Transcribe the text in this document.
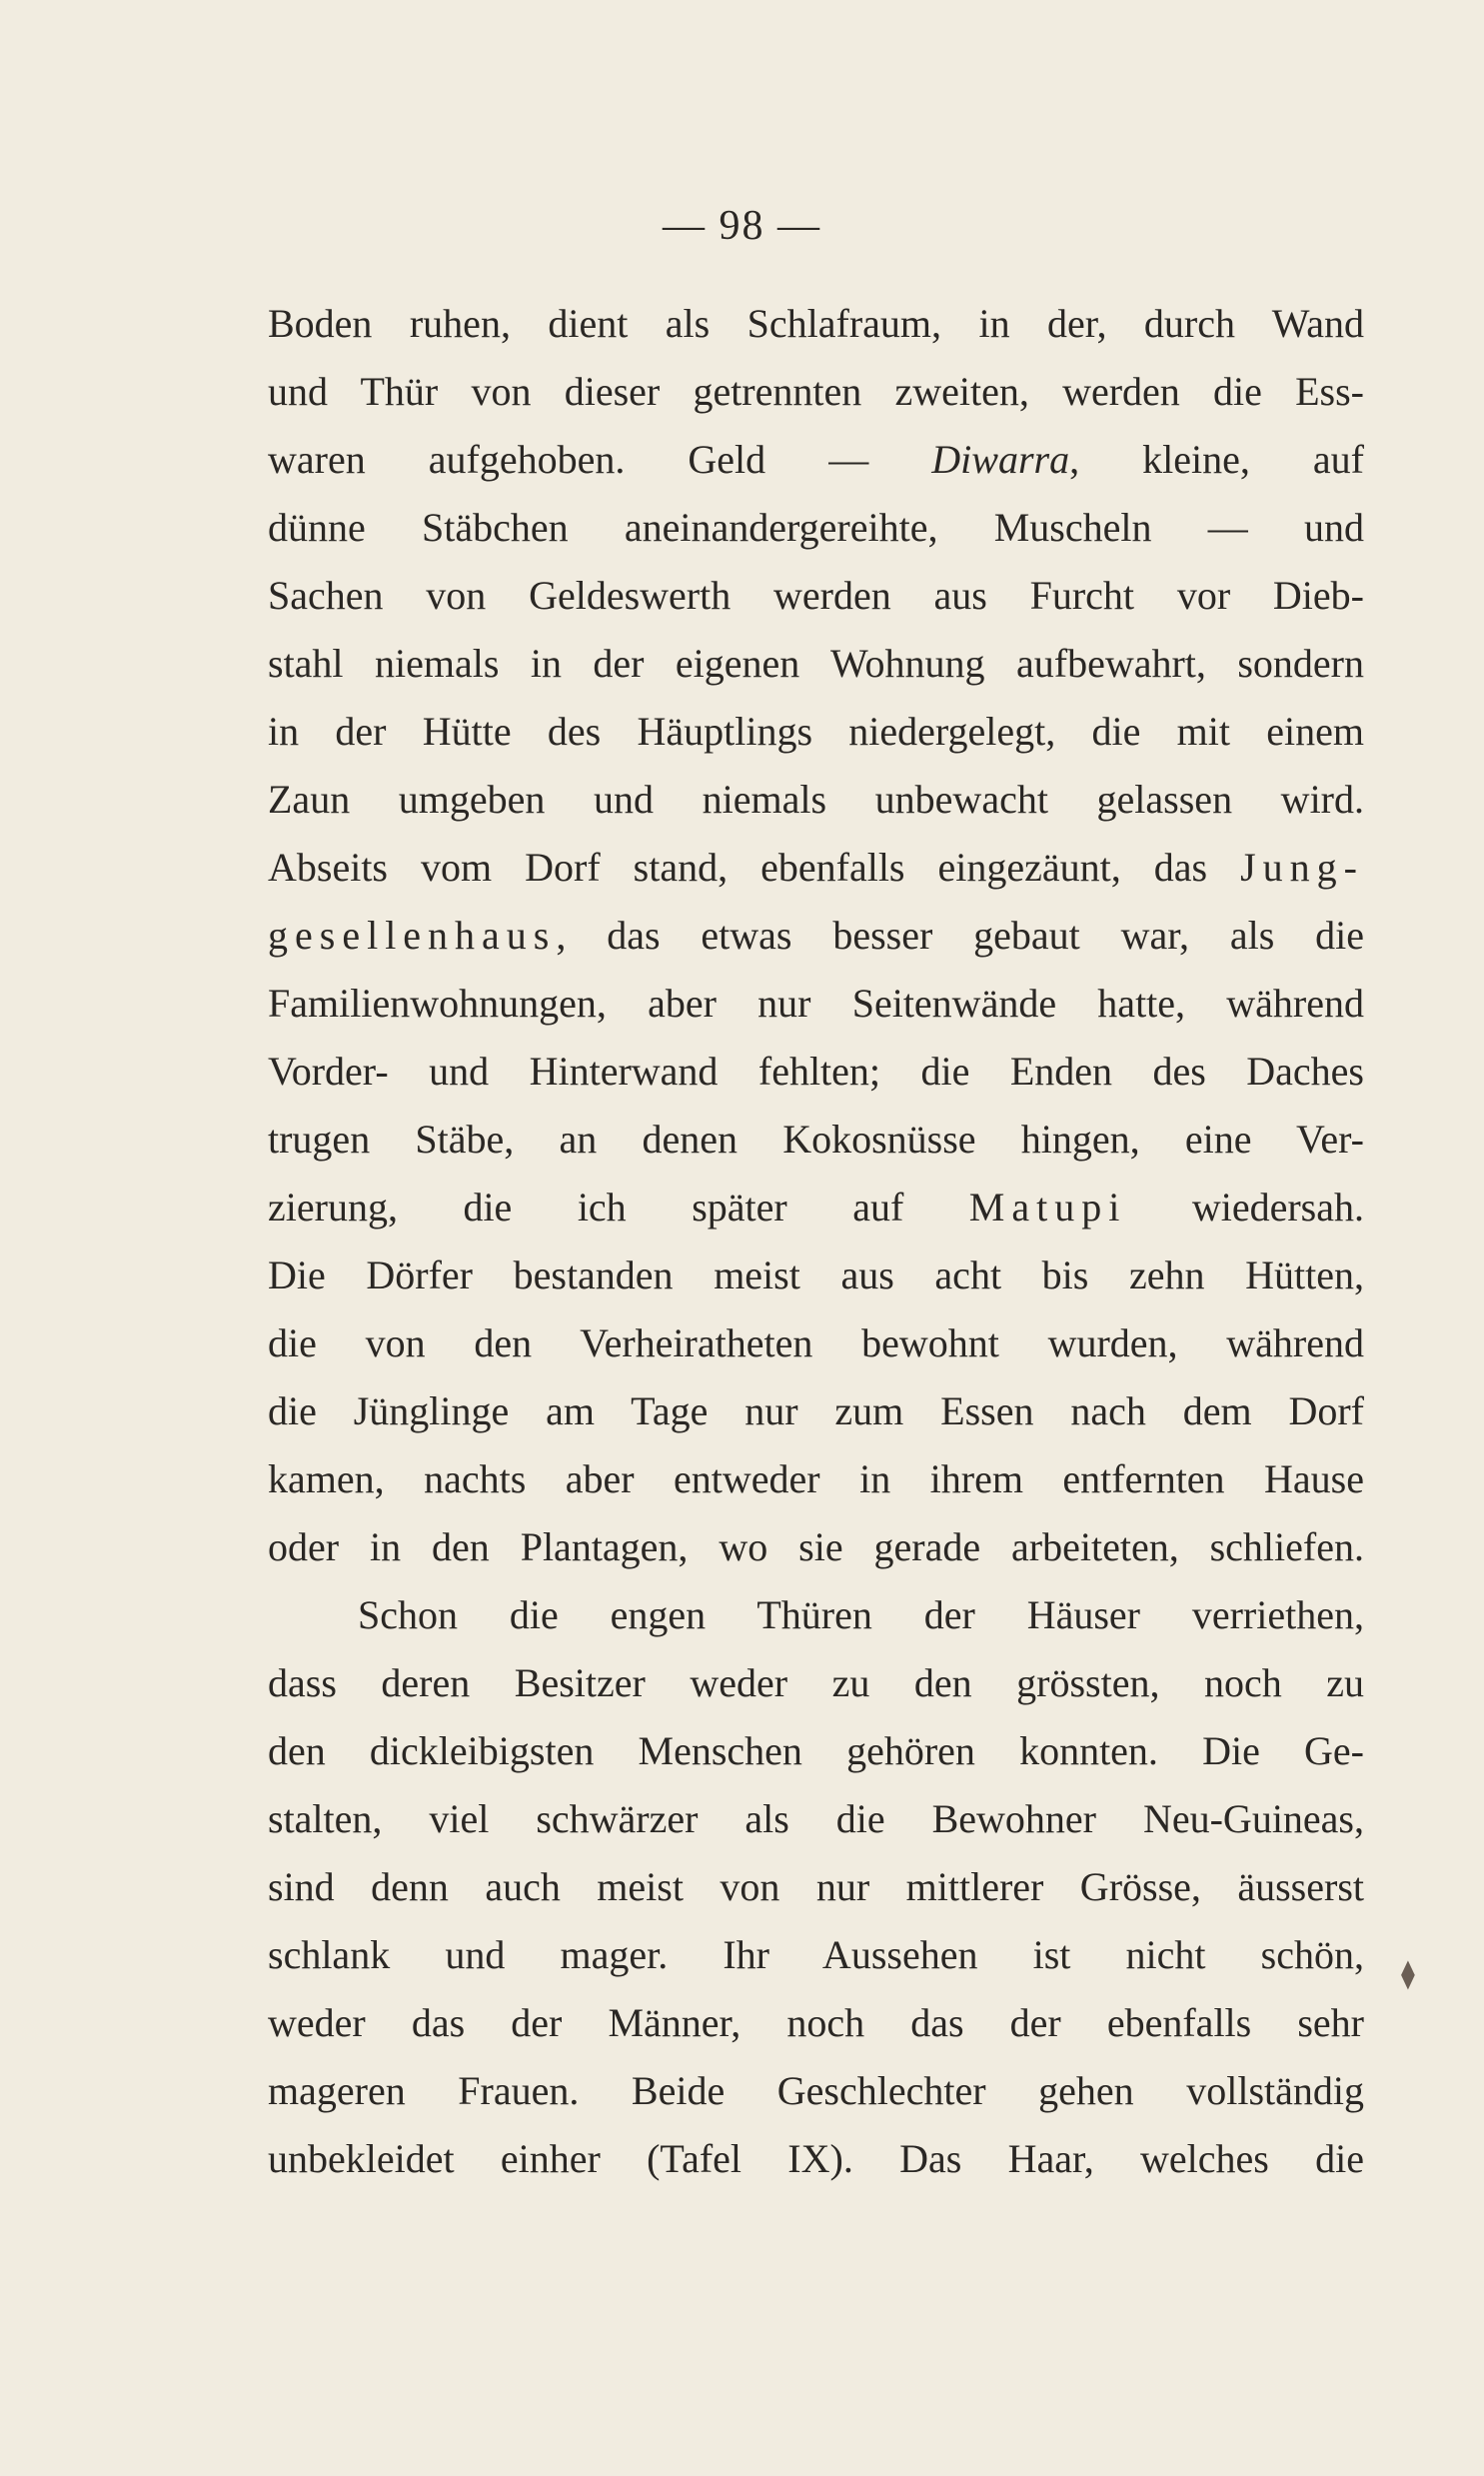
— 98 —
Boden ruhen, dient als Schlafraum, in der, durch Wand
und Thür von dieser getrennten zweiten, werden die Ess-
waren aufgehoben. Geld — Diwarra, kleine, auf
dünne Stäbchen aneinandergereihte, Muscheln — und
Sachen von Geldeswerth werden aus Furcht vor Dieb-
stahl niemals in der eigenen Wohnung aufbewahrt, sondern
in der Hütte des Häuptlings niedergelegt, die mit einem
Zaun umgeben und niemals unbewacht gelassen wird.
Abseits vom Dorf stand, ebenfalls eingezäunt, das Jung-
gesellenhaus, das etwas besser gebaut war, als die
Familienwohnungen, aber nur Seitenwände hatte, während
Vorder- und Hinterwand fehlten; die Enden des Daches
trugen Stäbe, an denen Kokosnüsse hingen, eine Ver-
zierung, die ich später auf Matupi wiedersah.
Die Dörfer bestanden meist aus acht bis zehn Hütten,
die von den Verheiratheten bewohnt wurden, während
die Jünglinge am Tage nur zum Essen nach dem Dorf
kamen, nachts aber entweder in ihrem entfernten Hause
oder in den Plantagen, wo sie gerade arbeiteten, schliefen.
Schon die engen Thüren der Häuser verriethen,
dass deren Besitzer weder zu den grössten, noch zu
den dickleibigsten Menschen gehören konnten. Die Ge-
stalten, viel schwärzer als die Bewohner Neu-Guineas,
sind denn auch meist von nur mittlerer Grösse, äusserst
schlank und mager. Ihr Aussehen ist nicht schön,
weder das der Männer, noch das der ebenfalls sehr
mageren Frauen. Beide Geschlechter gehen vollständig
unbekleidet einher (Tafel IX). Das Haar, welches die
⧫
